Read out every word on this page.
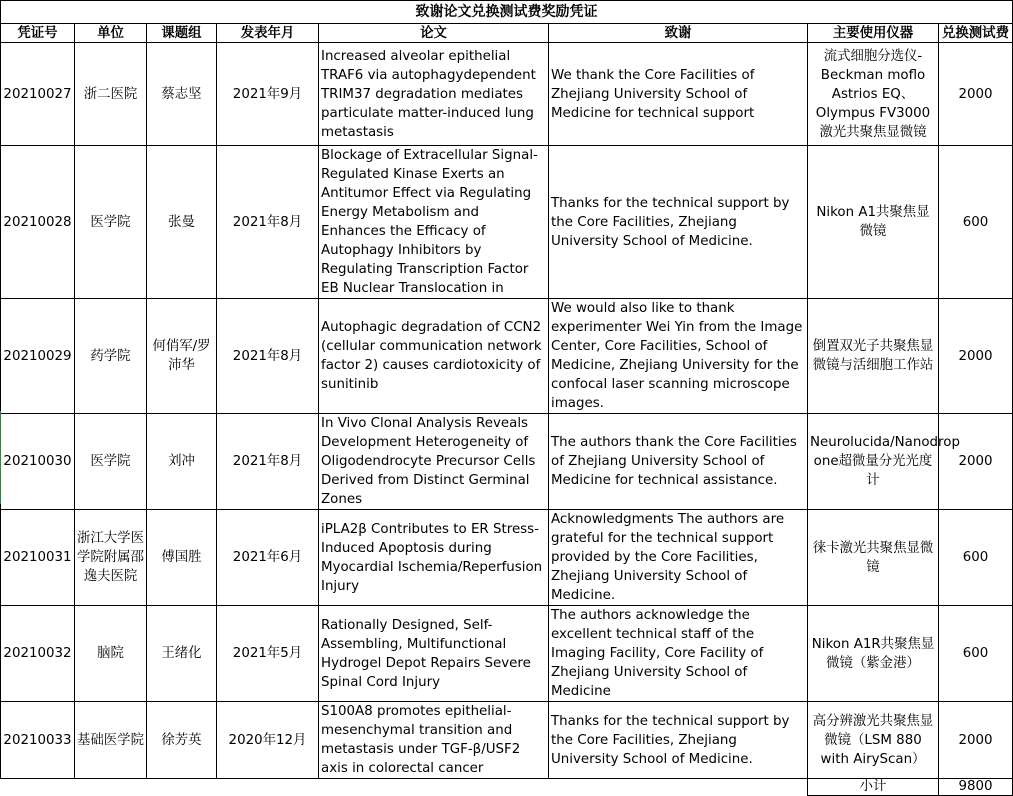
致谢论文兑换测试费奖励凭证							
凭证号	单位	课题组	发表年月	论文	致谢	主要使用仪器	兑换测试费
20210027	浙二医院	蔡志坚	2021年9月	Increased alveolar epithelial TRAF6 via autophagydependent TRIM37 degradation mediates particulate matter-induced lung metastasis	We thank the Core Facilities of Zhejiang University School of Medicine for technical support	流式细胞分选仪-Beckman moflo Astrios EQ、Olympus FV3000激光共聚焦显微镜	2000
20210028	医学院	张曼	2021年8月	Blockage of Extracellular Signal-Regulated Kinase Exerts an Antitumor Effect via Regulating Energy Metabolism and Enhances the Efficacy of Autophagy Inhibitors by Regulating Transcription Factor EB Nuclear Translocation in	Thanks for the technical support by the Core Facilities, Zhejiang University School of Medicine.	Nikon A1共聚焦显微镜	600
20210029	药学院	何俏军/罗沛华	2021年8月	Autophagic degradation of CCN2 (cellular communication network factor 2) causes cardiotoxicity of sunitinib	We would also like to thank experimenter Wei Yin from the Image Center, Core Facilities, School of Medicine, Zhejiang University for the confocal laser scanning microscope images.	倒置双光子共聚焦显微镜与活细胞工作站	2000
20210030	医学院	刘冲	2021年8月	In Vivo Clonal Analysis Reveals Development Heterogeneity of Oligodendrocyte Precursor Cells Derived from Distinct Germinal Zones	The authors thank the Core Facilities of Zhejiang University School of Medicine for technical assistance.	Neurolucida/Nanodrop one超微量分光光度计	2000
20210031	浙江大学医学院附属邵逸夫医院	傅国胜	2021年6月	iPLA2β Contributes to ER Stress-Induced Apoptosis during Myocardial Ischemia/Reperfusion Injury	Acknowledgments The authors are grateful for the technical support provided by the Core Facilities, Zhejiang University School of Medicine.	徕卡激光共聚焦显微镜	600
20210032	脑院	王绪化	2021年5月	Rationally Designed, Self-Assembling, Multifunctional Hydrogel Depot Repairs Severe Spinal Cord Injury	The authors acknowledge the excellent technical staff of the Imaging Facility, Core Facility of Zhejiang University School of Medicine	Nikon A1R共聚焦显微镜（紫金港）	600
20210033	基础医学院	徐芳英	2020年12月	S100A8 promotes epithelial-mesenchymal transition and metastasis under TGF-β/USF2 axis in colorectal cancer	Thanks for the technical support by the Core Facilities, Zhejiang University School of Medicine.	高分辨激光共聚焦显微镜（LSM 880 with AiryScan）	2000
						小计	9800
